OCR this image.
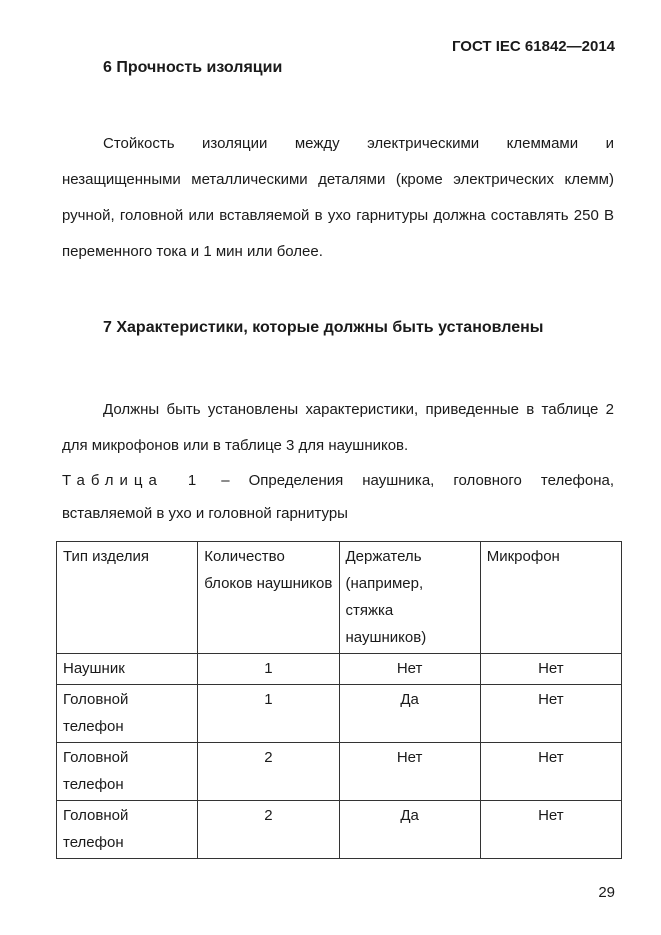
ГОСТ IEC 61842—2014
6 Прочность изоляции

Стойкость изоляции между электрическими клеммами и незащищенными металлическими деталями (кроме электрических клемм) ручной, головной или вставляемой в ухо гарнитуры должна составлять 250 В переменного тока и 1 мин или более.

7 Характеристики, которые должны быть установлены

Должны быть установлены характеристики, приведенные в таблице 2 для микрофонов или в таблице 3 для наушников.

Таблица 1 – Определения наушника, головного телефона, вставляемой в ухо и головной гарнитуры

Тип изделия	Количество блоков наушников	Держатель (например, стяжка наушников)	Микрофон
Наушник	1	Нет	Нет
Головной телефон	1	Да	Нет
Головной телефон	2	Нет	Нет
Головной телефон	2	Да	Нет
29
